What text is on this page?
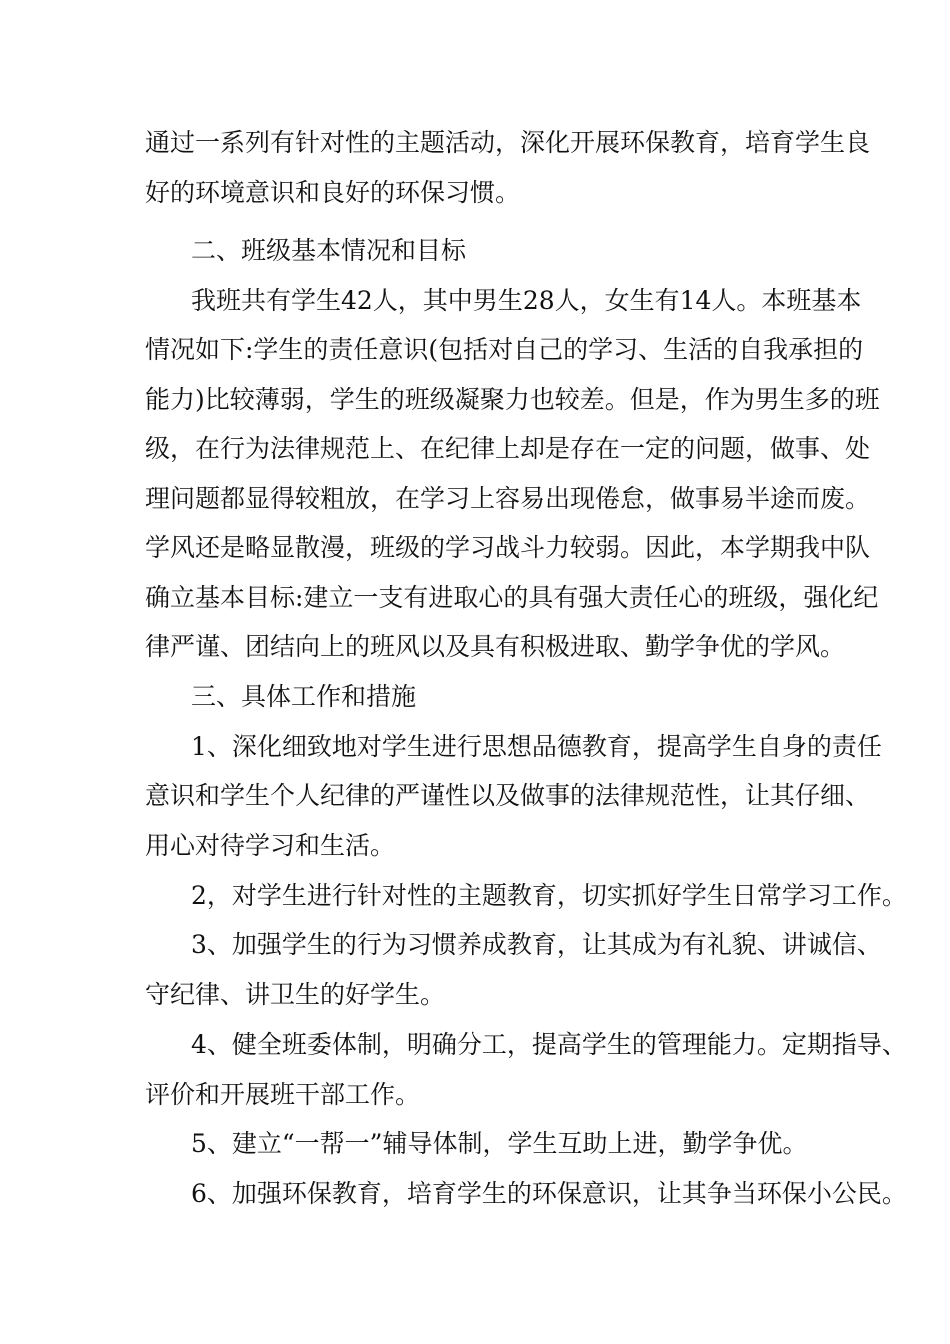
通过一系列有针对性的主题活动，深化开展环保教育，培育学生良
好的环境意识和良好的环保习惯。
二、班级基本情况和目标
我班共有学生42人，其中男生28人，女生有14人。本班基本
情况如下:学生的责任意识(包括对自己的学习、生活的自我承担的
能力)比较薄弱，学生的班级凝聚力也较差。但是，作为男生多的班
级，在行为法律规范上、在纪律上却是存在一定的问题，做事、处
理问题都显得较粗放，在学习上容易出现倦怠，做事易半途而废。
学风还是略显散漫，班级的学习战斗力较弱。因此，本学期我中队
确立基本目标:建立一支有进取心的具有强大责任心的班级，强化纪
律严谨、团结向上的班风以及具有积极进取、勤学争优的学风。
三、具体工作和措施
1、深化细致地对学生进行思想品德教育，提高学生自身的责任
意识和学生个人纪律的严谨性以及做事的法律规范性，让其仔细、
用心对待学习和生活。
2，对学生进行针对性的主题教育，切实抓好学生日常学习工作。
3、加强学生的行为习惯养成教育，让其成为有礼貌、讲诚信、
守纪律、讲卫生的好学生。
4、健全班委体制，明确分工，提高学生的管理能力。定期指导、
评价和开展班干部工作。
5、建立“一帮一”辅导体制，学生互助上进，勤学争优。
6、加强环保教育，培育学生的环保意识，让其争当环保小公民。
